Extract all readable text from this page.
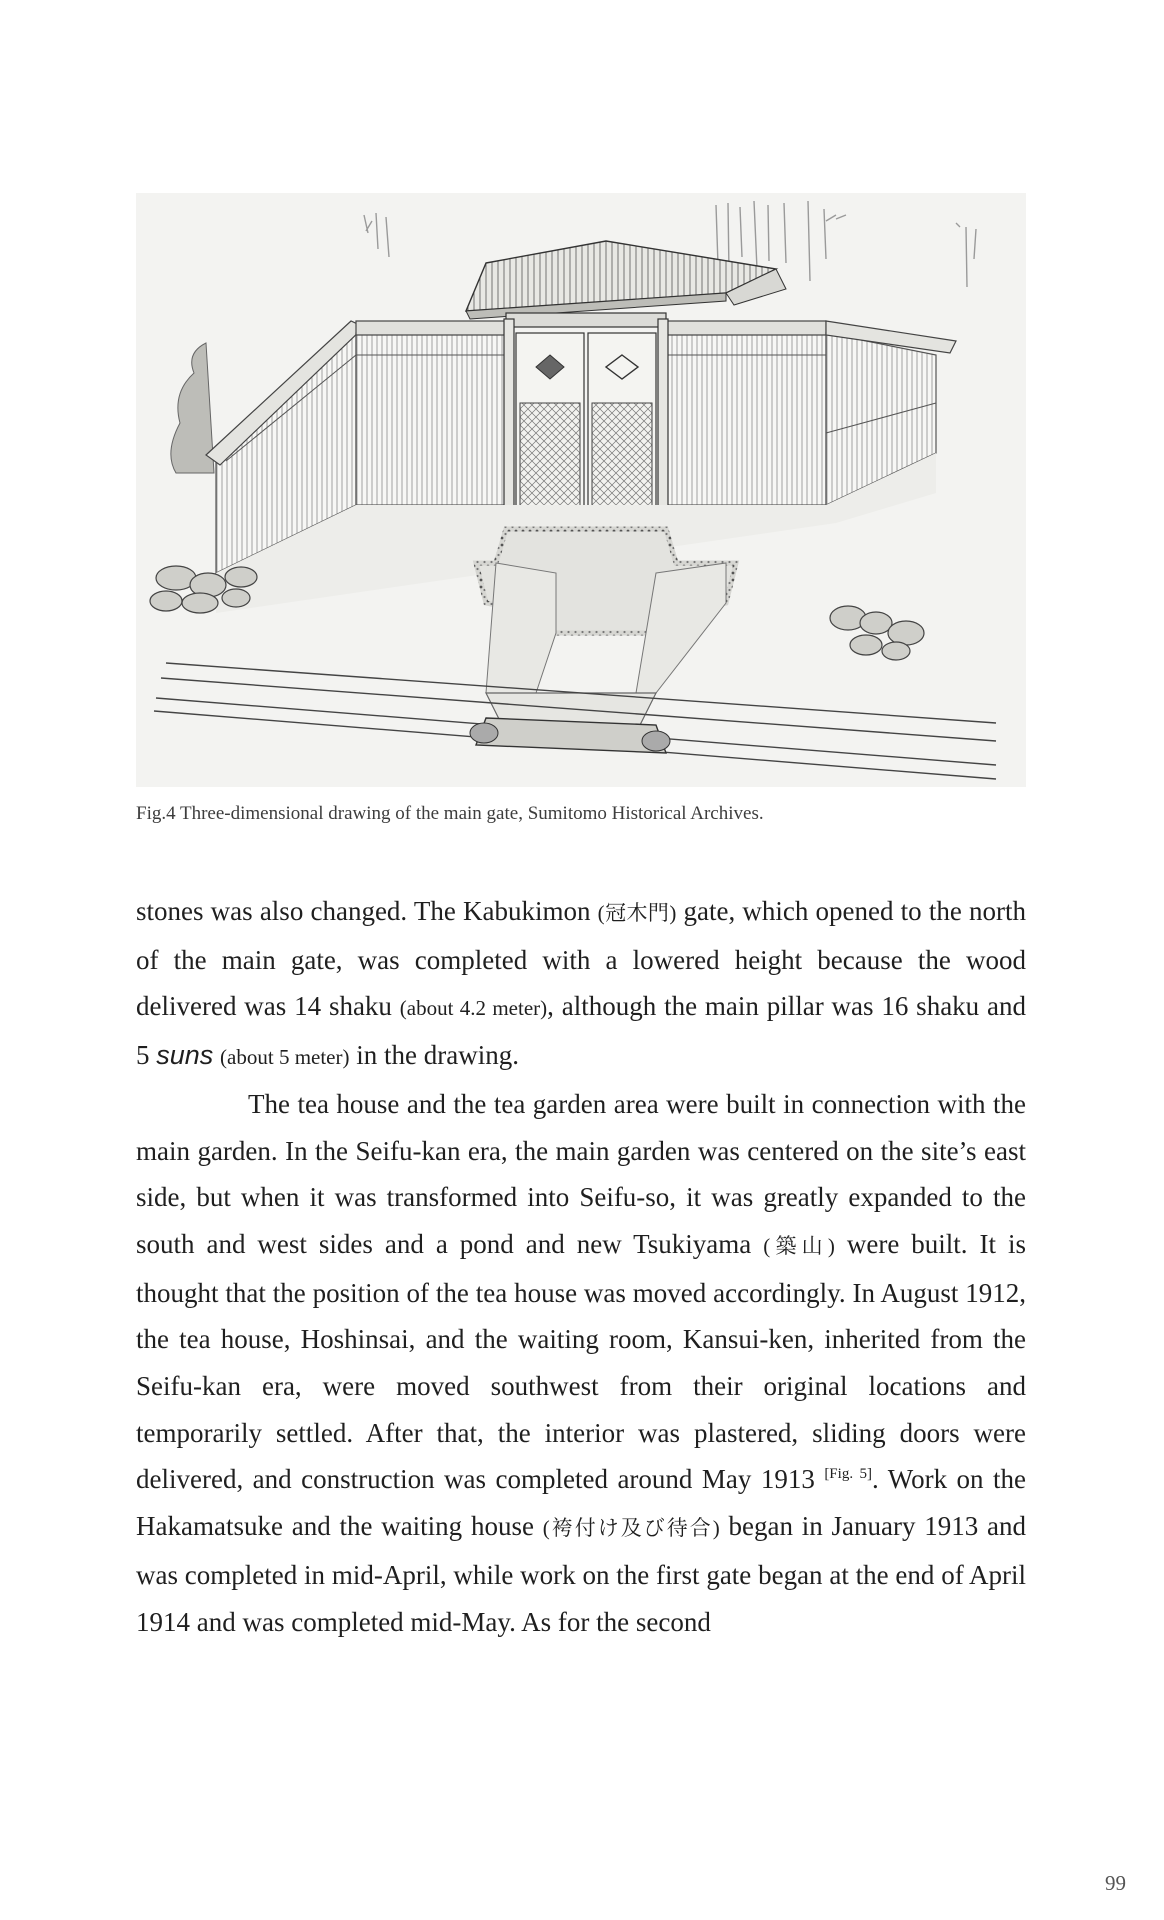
Fig.4 Three-dimensional drawing of the main gate, Sumitomo Historical Archives.

stones was also changed. The Kabukimon (冠木門) gate, which opened to the north of the main gate, was completed with a lowered height because the wood delivered was 14 shaku (about 4.2 meter), although the main pillar was 16 shaku and 5 suns (about 5 meter) in the drawing.

The tea house and the tea garden area were built in connection with the main garden. In the Seifu-kan era, the main garden was centered on the site’s east side, but when it was transformed into Seifu-so, it was greatly expanded to the south and west sides and a pond and new Tsukiyama (築山) were built. It is thought that the position of the tea house was moved accordingly. In August 1912, the tea house, Hoshinsai, and the waiting room, Kansui-ken, inherited from the Seifu-kan era, were moved southwest from their original locations and temporarily settled. After that, the interior was plastered, sliding doors were delivered, and construction was completed around May 1913 [Fig. 5]. Work on the Hakamatsuke and the waiting house (袴付け及び待合) began in January 1913 and was completed in mid-April, while work on the first gate began at the end of April 1914 and was completed mid-May. As for the second

99
